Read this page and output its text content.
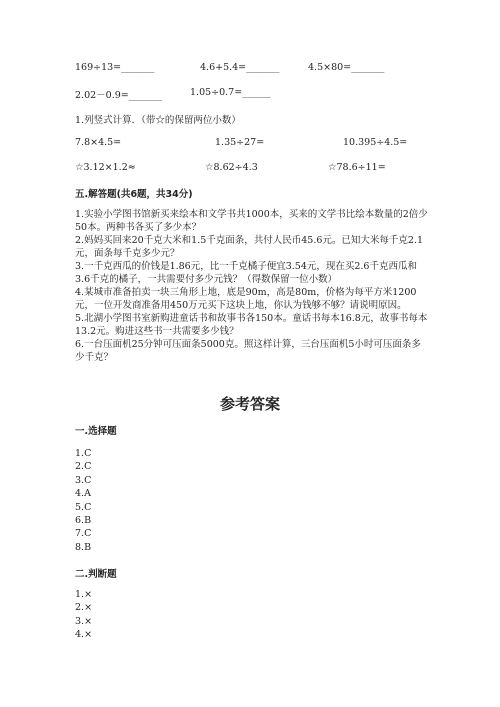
169÷13=_______	4.6+5.4=_______	4.5×80=_______
2.02－0.9=_______	1.05÷0.7=______
1.列竖式计算．（带☆的保留两位小数）
7.8×4.5=	1.35÷27=	10.395÷4.5=
☆3.12×1.2≈	☆8.62÷4.3	☆78.6÷11=
五.解答题(共6题，共34分)
1.实验小学图书馆新买来绘本和文学书共1000本，买来的文学书比绘本数量的2倍少50本。两种书各买了多少本？
2.妈妈买回来20千克大米和1.5千克面条，共付人民币45.6元。已知大米每千克2.1元，面条每千克多少元？
3.一千克西瓜的价钱是1.86元，比一千克橘子便宜3.54元，现在买2.6千克西瓜和3.6千克的橘子，一共需要付多少元钱？（得数保留一位小数）
4.某城市准备拍卖一块三角形上地，底是90m，高是80m，价格为每平方米1200元，一位开发商准备用450万元买下这块上地，你认为钱够不够？请说明原因。
5.北湖小学图书室新购进童话书和故事书各150本。童话书每本16.8元，故事书每本13.2元。购进这些书一共需要多少钱？
6.一台压面机25分钟可压面条5000克。照这样计算，三台压面机5小时可压面条多少千克？
参考答案
一.选择题
1.C
2.C
3.C
4.A
5.C
6.B
7.C
8.B
二.判断题
1.×
2.×
3.×
4.×
